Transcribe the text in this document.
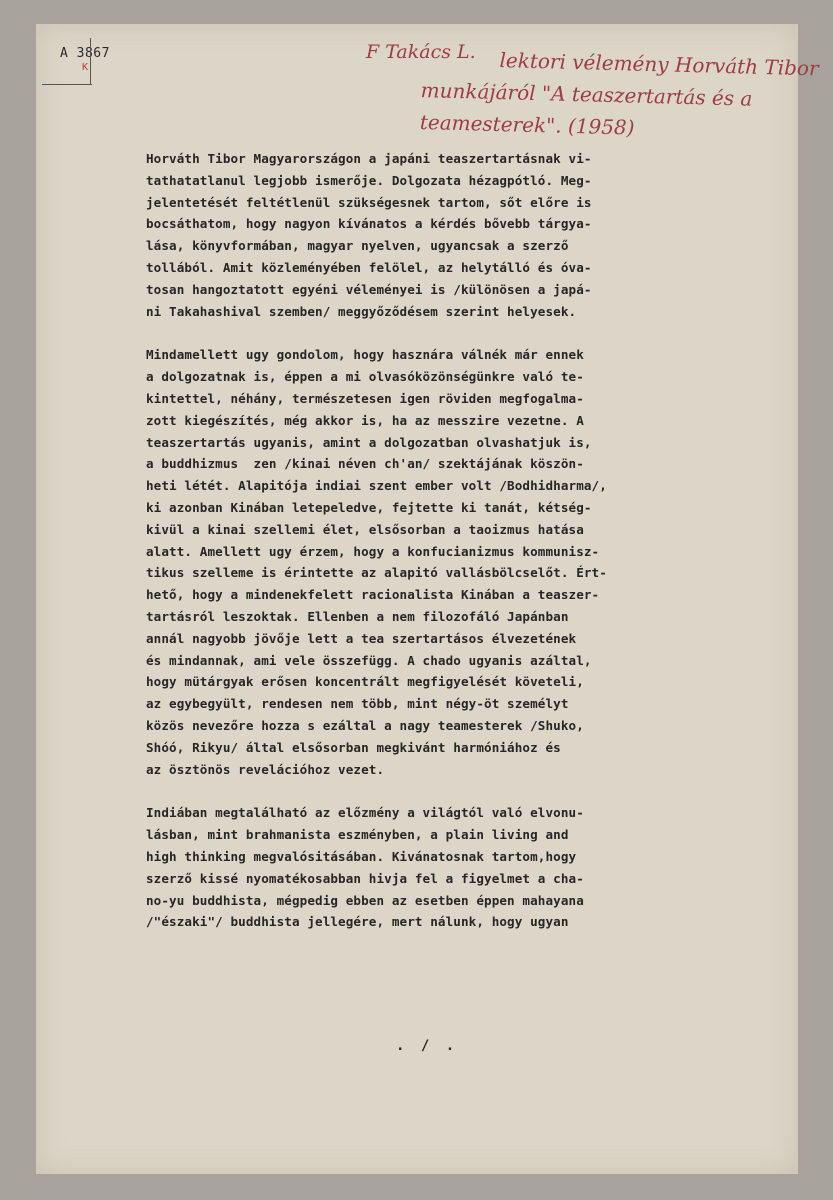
A 3867
K
F Takács L. lektori vélemény Horváth Tibor
munkájáról "A teaszertartás és a
teamesterek". (1958)
Horváth Tibor Magyarországon a japáni teaszertartásnak vi-
tathatatlanul legjobb ismerője. Dolgozata hézagpótló. Meg-
jelentetését feltétlenül szükségesnek tartom, sőt előre is
bocsáthatom, hogy nagyon kívánatos a kérdés bővebb tárgya-
lása, könyvformában, magyar nyelven, ugyancsak a szerző
tollából. Amit közleményében felölel, az helytálló és óva-
tosan hangoztatott egyéni véleményei is /különösen a japá-
ni Takahashival szemben/ meggyőződésem szerint helyesek.
Mindamellett ugy gondolom, hogy hasznára válnék már ennek
a dolgozatnak is, éppen a mi olvasóközönségünkre való te-
kintettel, néhány, természetesen igen röviden megfogalma-
zott kiegészítés, még akkor is, ha az messzire vezetne. A
teaszertartás ugyanis, amint a dolgozatban olvashatjuk is,
a buddhizmus  zen /kinai néven ch'an/ szektájának köszön-
heti létét. Alapitója indiai szent ember volt /Bodhidharma/,
ki azonban Kinában letepeledve, fejtette ki tanát, kétség-
kivül a kinai szellemi élet, elsősorban a taoizmus hatása
alatt. Amellett ugy érzem, hogy a konfucianizmus kommunisz-
tikus szelleme is érintette az alapitó vallásbölcselőt. Ért-
hető, hogy a mindenekfelett racionalista Kinában a teaszer-
tartásról leszoktak. Ellenben a nem filozofáló Japánban
annál nagyobb jövője lett a tea szertartásos élvezetének
és mindannak, ami vele összefügg. A chado ugyanis azáltal,
hogy mütárgyak erősen koncentrált megfigyelését követeli,
az egybegyült, rendesen nem több, mint négy-öt személyt
közös nevezőre hozza s ezáltal a nagy teamesterek /Shuko,
Shóó, Rikyu/ által elsősorban megkivánt harmóniához és
az ösztönös revelációhoz vezet.
Indiában megtalálható az előzmény a világtól való elvonu-
lásban, mint brahmanista eszményben, a plain living and
high thinking megvalósitásában. Kivánatosnak tartom,hogy
szerző kissé nyomatékosabban hivja fel a figyelmet a cha-
no-yu buddhista, mégpedig ebben az esetben éppen mahayana
/"északi"/ buddhista jellegére, mert nálunk, hogy ugyan
. / .
